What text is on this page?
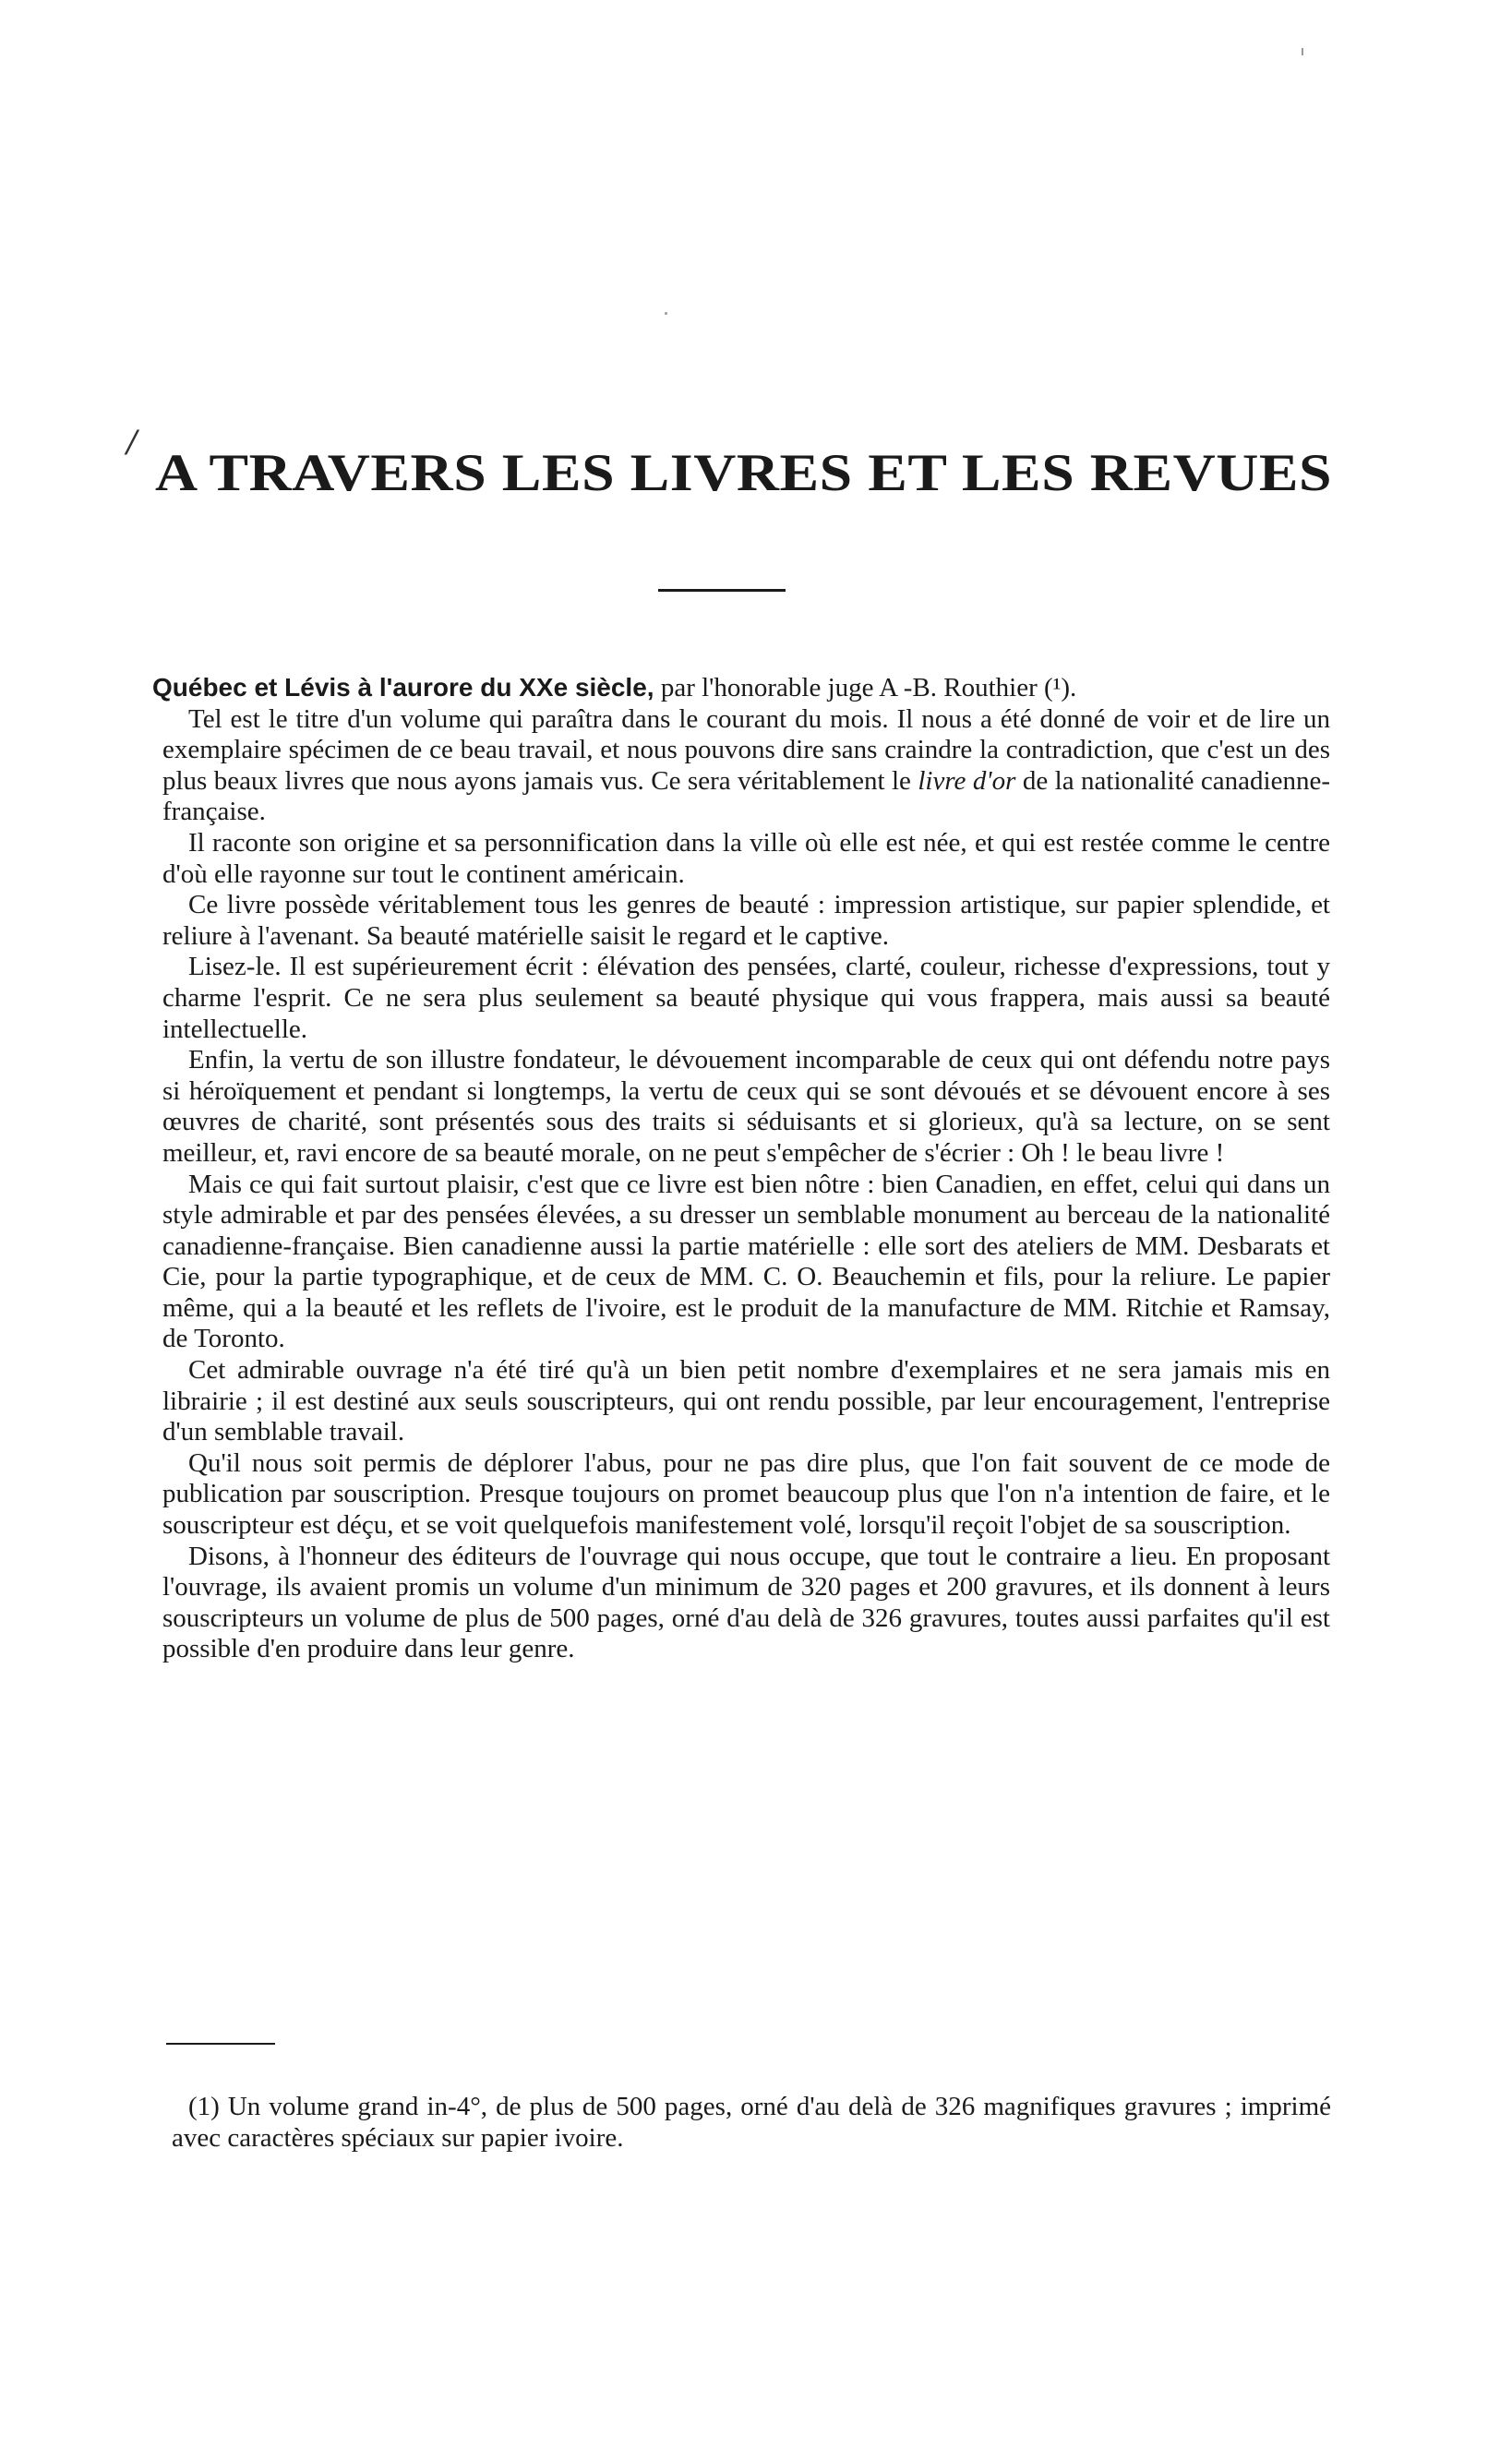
/
A TRAVERS LES LIVRES ET LES REVUES

Québec et Lévis à l'aurore du XXe siècle, par l'honorable juge A -B. Routhier (¹).

Tel est le titre d'un volume qui paraîtra dans le courant du mois. Il nous a été donné de voir et de lire un exemplaire spécimen de ce beau travail, et nous pouvons dire sans craindre la contradiction, que c'est un des plus beaux livres que nous ayons jamais vus. Ce sera véritablement le livre d'or de la nationalité canadienne-française.

Il raconte son origine et sa personnification dans la ville où elle est née, et qui est restée comme le centre d'où elle rayonne sur tout le continent américain.

Ce livre possède véritablement tous les genres de beauté : impression artistique, sur papier splendide, et reliure à l'avenant. Sa beauté matérielle saisit le regard et le captive.

Lisez-le. Il est supérieurement écrit : élévation des pensées, clarté, couleur, richesse d'expressions, tout y charme l'esprit. Ce ne sera plus seulement sa beauté physique qui vous frappera, mais aussi sa beauté intellectuelle.

Enfin, la vertu de son illustre fondateur, le dévouement incomparable de ceux qui ont défendu notre pays si héroïquement et pendant si longtemps, la vertu de ceux qui se sont dévoués et se dévouent encore à ses œuvres de charité, sont présentés sous des traits si séduisants et si glorieux, qu'à sa lecture, on se sent meilleur, et, ravi encore de sa beauté morale, on ne peut s'empêcher de s'écrier : Oh ! le beau livre !

Mais ce qui fait surtout plaisir, c'est que ce livre est bien nôtre : bien Canadien, en effet, celui qui dans un style admirable et par des pensées élevées, a su dresser un semblable monument au berceau de la nationalité canadienne-française. Bien canadienne aussi la partie matérielle : elle sort des ateliers de MM. Desbarats et Cie, pour la partie typographique, et de ceux de MM. C. O. Beauchemin et fils, pour la reliure. Le papier même, qui a la beauté et les reflets de l'ivoire, est le produit de la manufacture de MM. Ritchie et Ramsay, de Toronto.

Cet admirable ouvrage n'a été tiré qu'à un bien petit nombre d'exemplaires et ne sera jamais mis en librairie ; il est destiné aux seuls souscripteurs, qui ont rendu possible, par leur encouragement, l'entreprise d'un semblable travail.

Qu'il nous soit permis de déplorer l'abus, pour ne pas dire plus, que l'on fait souvent de ce mode de publication par souscription. Presque toujours on promet beaucoup plus que l'on n'a intention de faire, et le souscripteur est déçu, et se voit quelquefois manifestement volé, lorsqu'il reçoit l'objet de sa souscription.

Disons, à l'honneur des éditeurs de l'ouvrage qui nous occupe, que tout le contraire a lieu. En proposant l'ouvrage, ils avaient promis un volume d'un minimum de 320 pages et 200 gravures, et ils donnent à leurs souscripteurs un volume de plus de 500 pages, orné d'au delà de 326 gravures, toutes aussi parfaites qu'il est possible d'en produire dans leur genre.

(1) Un volume grand in-4°, de plus de 500 pages, orné d'au delà de 326 magnifiques gravures ; imprimé avec caractères spéciaux sur papier ivoire.
